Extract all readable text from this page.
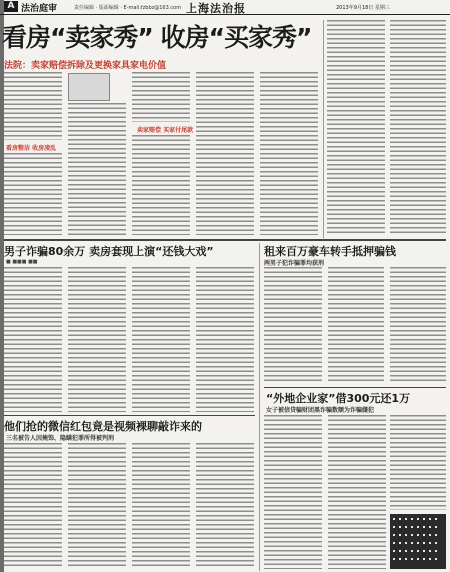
A 法治庭审	责任编辑 · 版面编辑 · E-mail:fzbbz@163.com 上海法治报	2013年9月18日 星期三
看房“卖家秀” 收房“买家秀”
法院：卖家赔偿拆除及更换家具家电价值
看房整洁 收房凌乱
卖家赔偿 买家付尾款
男子诈骗80余万 卖房套现上演“还钱大戏”
■ ■■■ ■■
租来百万豪车转手抵押骗钱
两男子犯诈骗罪均获刑
“外地企业家”借300元还1万
女子被信贷骗财团黑诈骗数额为诈骗嫌犯
他们抢的微信红包竟是视频裸聊敲诈来的
三名被告人因掩饰、隐瞒犯罪所得被判刑
